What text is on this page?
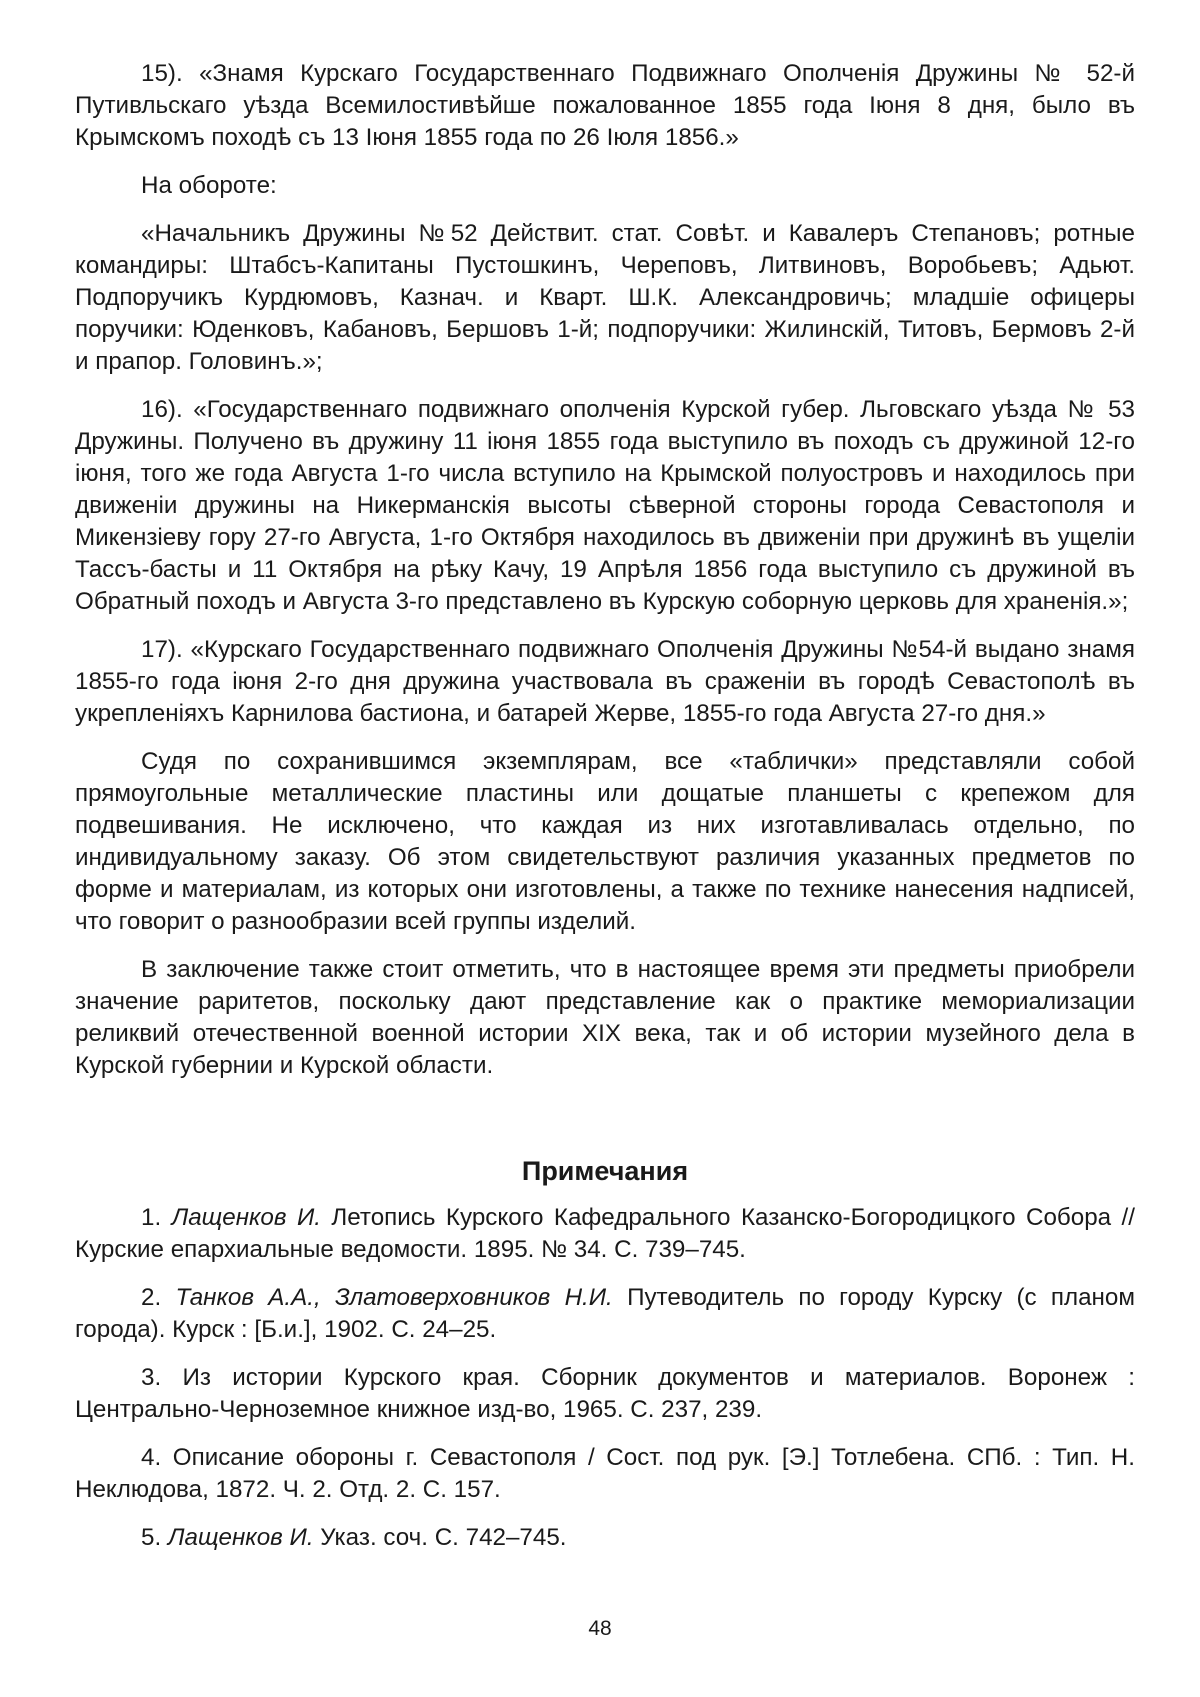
15). «Знамя Курскаго Государственнаго Подвижнаго Ополченія Дружины № 52-й Путивльскаго уѣзда Всемилостивѣйше пожалованное 1855 года Іюня 8 дня, было въ Крымскомъ походѣ съ 13 Іюня 1855 года по 26 Іюля 1856.»

На обороте:

«Начальникъ Дружины №52 Действит. стат. Совѣт. и Кавалеръ Степановъ; ротные командиры: Штабсъ-Капитаны Пустошкинъ, Череповъ, Литвиновъ, Воробьевъ; Адьют. Подпоручикъ Курдюмовъ, Казнач. и Кварт. Ш.К. Александровичь; младшіе офицеры поручики: Юденковъ, Кабановъ, Бершовъ 1-й; подпоручики: Жилинскій, Титовъ, Бермовъ 2-й и прапор. Головинъ.»;

16). «Государственнаго подвижнаго ополченія Курской губер. Льговскаго уѣзда № 53 Дружины. Получено въ дружину 11 іюня 1855 года выступило въ походъ съ дружиной 12-го іюня, того же года Августа 1-го числа вступило на Крымской полуостровъ и находилось при движеніи дружины на Никерманскія высоты сѣверной стороны города Севастополя и Микензіеву гору 27-го Августа, 1-го Октября находилось въ движеніи при дружинѣ въ ущеліи Тассъ-басты и 11 Октября на рѣку Качу, 19 Апрѣля 1856 года выступило съ дружиной въ Обратный походъ и Августа 3-го представлено въ Курскую соборную церковь для храненія.»;

17). «Курскаго Государственнаго подвижнаго Ополченія Дружины №54-й выдано знамя 1855-го года іюня 2-го дня дружина участвовала въ сраженіи въ городѣ Севастополѣ въ укрепленіяхъ Карнилова бастиона, и батарей Жерве, 1855-го года Августа 27-го дня.»

Судя по сохранившимся экземплярам, все «таблички» представляли собой прямоугольные металлические пластины или дощатые планшеты с крепежом для подвешивания. Не исключено, что каждая из них изготавливалась отдельно, по индивидуальному заказу. Об этом свидетельствуют различия указанных предметов по форме и материалам, из которых они изготовлены, а также по технике нанесения надписей, что говорит о разнообразии всей группы изделий.

В заключение также стоит отметить, что в настоящее время эти предметы приобрели значение раритетов, поскольку дают представление как о практике мемориализации реликвий отечественной военной истории XIX века, так и об истории музейного дела в Курской губернии и Курской области.

Примечания

1. Лащенков И. Летопись Курского Кафедрального Казанско-Богородицкого Собора // Курские епархиальные ведомости. 1895. № 34. С. 739–745.

2. Танков А.А., Златоверховников Н.И. Путеводитель по городу Курску (с планом города). Курск : [Б.и.], 1902. С. 24–25.

3. Из истории Курского края. Сборник документов и материалов. Воронеж : Центрально-Черноземное книжное изд-во, 1965. С. 237, 239.

4. Описание обороны г. Севастополя / Сост. под рук. [Э.] Тотлебена. СПб. : Тип. Н. Неклюдова, 1872. Ч. 2. Отд. 2. С. 157.

5. Лащенков И. Указ. соч. С. 742–745.

48
